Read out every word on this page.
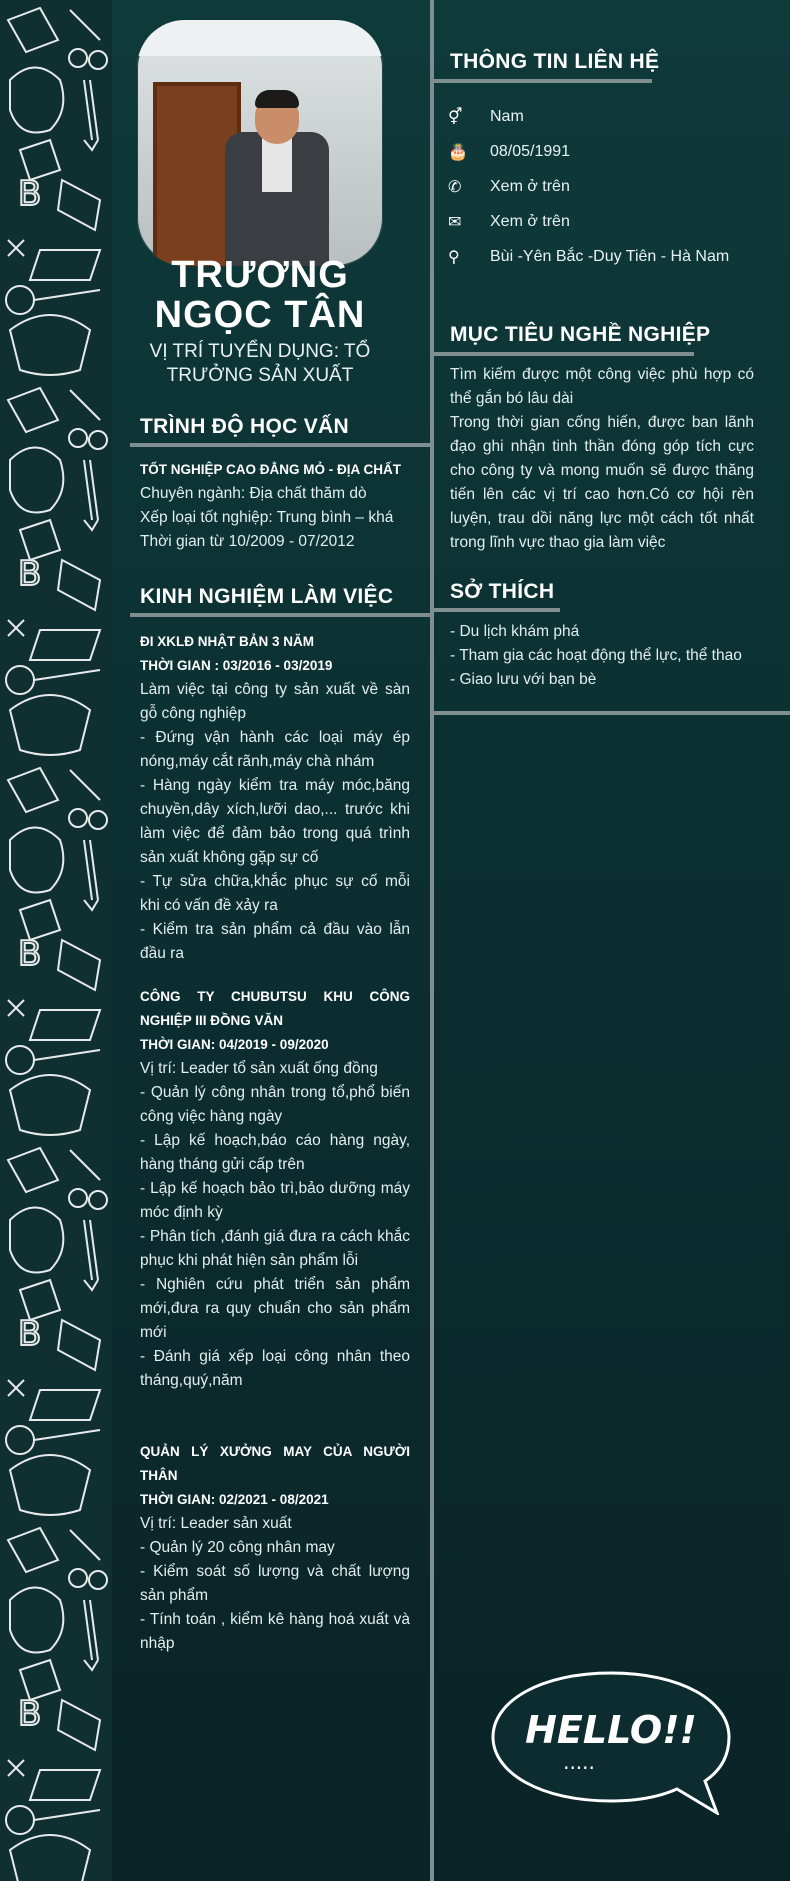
B
TRƯƠNG NGỌC TÂN
VỊ TRÍ TUYỂN DỤNG: TỔ TRƯỞNG SẢN XUẤT
TRÌNH ĐỘ HỌC VẤN

TỐT NGHIỆP CAO ĐẲNG MỎ - ĐỊA CHẤT

Chuyên ngành: Địa chất thăm dò

Xếp loại tốt nghiệp: Trung bình – khá

Thời gian từ 10/2009 - 07/2012

KINH NGHIỆM LÀM VIỆC

ĐI XKLĐ NHẬT BẢN 3 NĂM

THỜI GIAN : 03/2016 - 03/2019

Làm việc tại công ty sản xuất về sàn gỗ công nghiệp

- Đứng vận hành các loại máy ép nóng,máy cắt rãnh,máy chà nhám

- Hàng ngày kiểm tra máy móc,băng chuyền,dây xích,lưỡi dao,... trước khi làm việc để đảm bảo trong quá trình sản xuất không gặp sự cố

- Tự sửa chữa,khắc phục sự cố mỗi khi có vấn đề xảy ra

- Kiểm tra sản phẩm cả đầu vào lẫn đầu ra

CÔNG TY CHUBUTSU KHU CÔNG NGHIỆP III ĐỒNG VĂN

THỜI GIAN: 04/2019 - 09/2020

Vị trí: Leader tổ sản xuất ống đồng

- Quản lý công nhân trong tổ,phổ biến công việc hàng ngày

- Lập kế hoạch,báo cáo hàng ngày, hàng tháng gửi cấp trên

- Lập kế hoạch bảo trì,bảo dưỡng máy móc định kỳ

- Phân tích ,đánh giá đưa ra cách khắc phục khi phát hiện sản phẩm lỗi

- Nghiên cứu phát triển sản phẩm mới,đưa ra quy chuẩn cho sản phẩm mới

- Đánh giá xếp loại công nhân theo tháng,quý,năm

QUẢN LÝ XƯỞNG MAY CỦA NGƯỜI THÂN

THỜI GIAN: 02/2021 - 08/2021

Vị trí: Leader sản xuất

- Quản lý 20 công nhân may

- Kiểm soát số lượng và chất lượng sản phẩm

- Tính toán , kiểm kê hàng hoá xuất và nhập

THÔNG TIN LIÊN HỆ
⚥	Nam
🎂	08/05/1991
✆	Xem ở trên
✉	Xem ở trên
⚲	Bùi -Yên Bắc -Duy Tiên - Hà Nam
MỤC TIÊU NGHỀ NGHIỆP

Tìm kiếm được một công việc phù hợp có thể gắn bó lâu dài

Trong thời gian cống hiến, được ban lãnh đạo ghi nhận tinh thần đóng góp tích cực cho công ty và mong muốn sẽ được thăng tiến lên các vị trí cao hơn.Có cơ hội rèn luyện, trau dồi năng lực một cách tốt nhất trong lĩnh vực thao gia làm việc

SỞ THÍCH

- Du lịch khám phá

- Tham gia các hoạt động thể lực, thể thao

- Giao lưu với bạn bè

HELLO!!
.....
